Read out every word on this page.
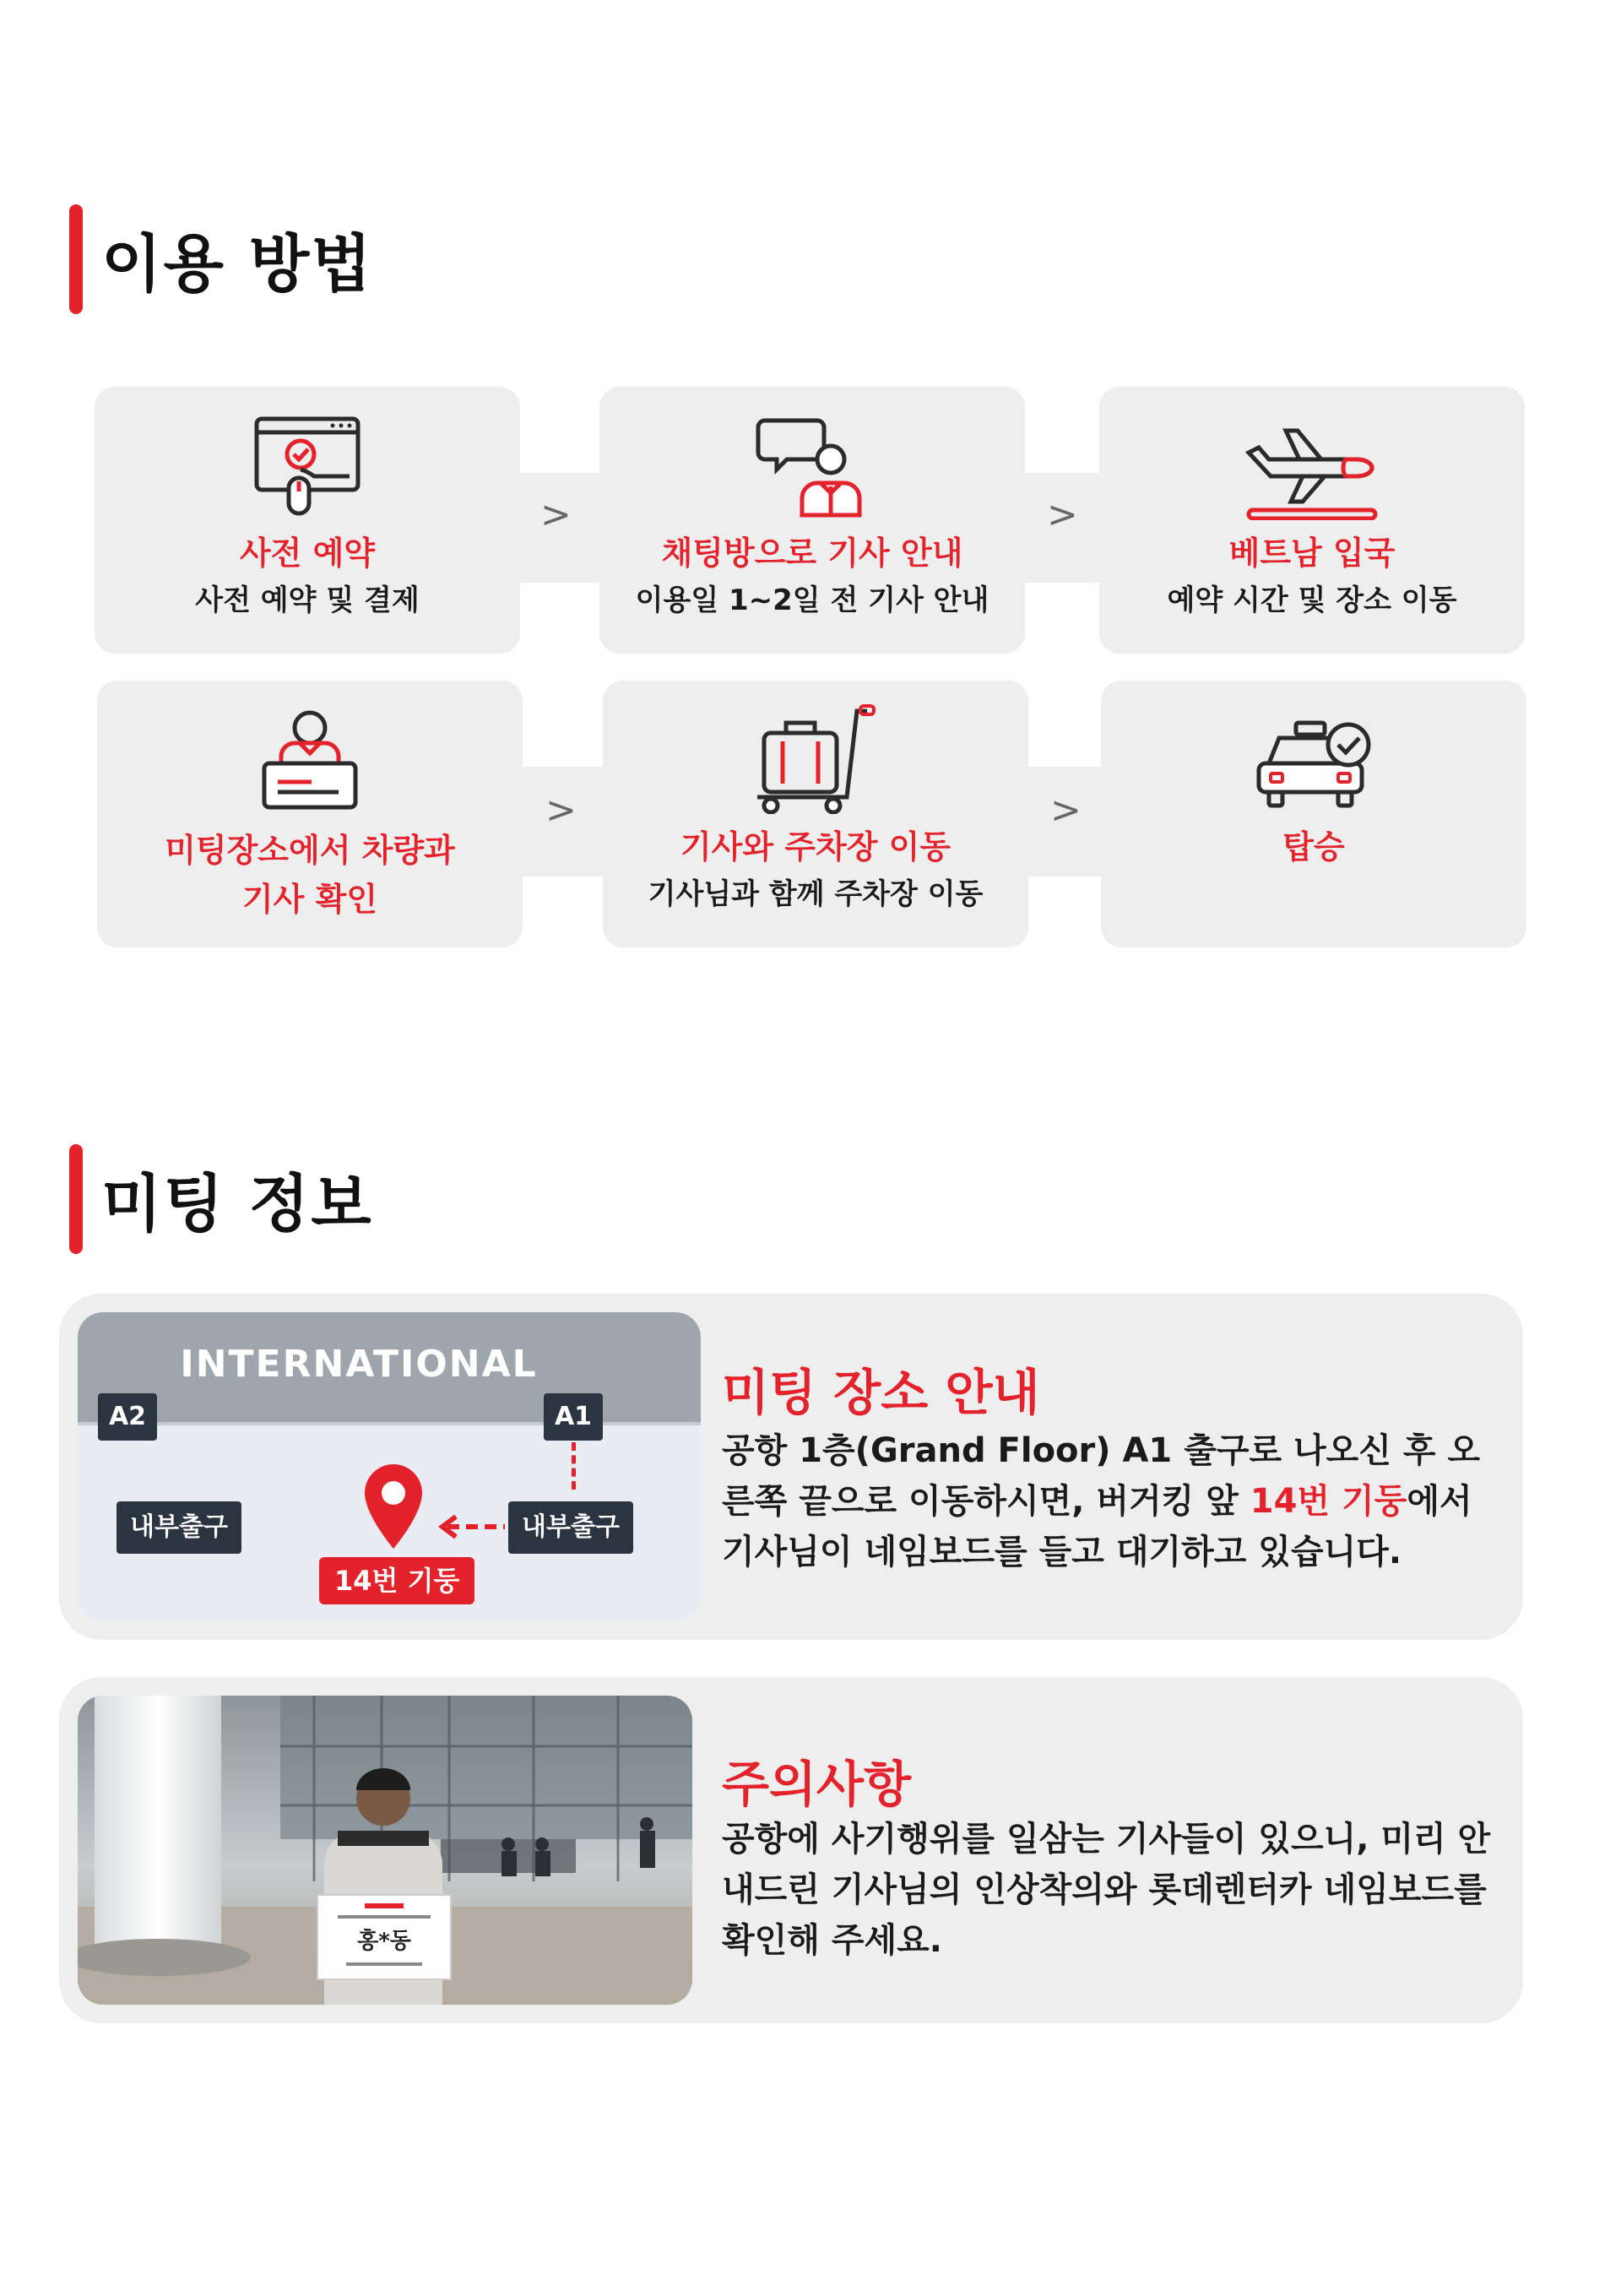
이용 방법
사전 예약
사전 예약 및 결제
>
채팅방으로 기사 안내
이용일 1~2일 전 기사 안내
>
베트남 입국
예약 시간 및 장소 이동
미팅장소에서 차량과
기사 확인
>
기사와 주차장 이동
기사님과 함께 주차장 이동
>
탑승
미팅 정보
INTERNATIONAL
A2	A1
내부출구	내부출구
14번 기둥
미팅 장소 안내
공항 1층(Grand Floor) A1 출구로 나오신 후 오른쪽 끝으로 이동하시면, 버거킹 앞 14번 기둥에서 기사님이 네임보드를 들고 대기하고 있습니다.
홍*동
주의사항
공항에 사기행위를 일삼는 기사들이 있으니, 미리 안내드린 기사님의 인상착의와 롯데렌터카 네임보드를 확인해 주세요.
